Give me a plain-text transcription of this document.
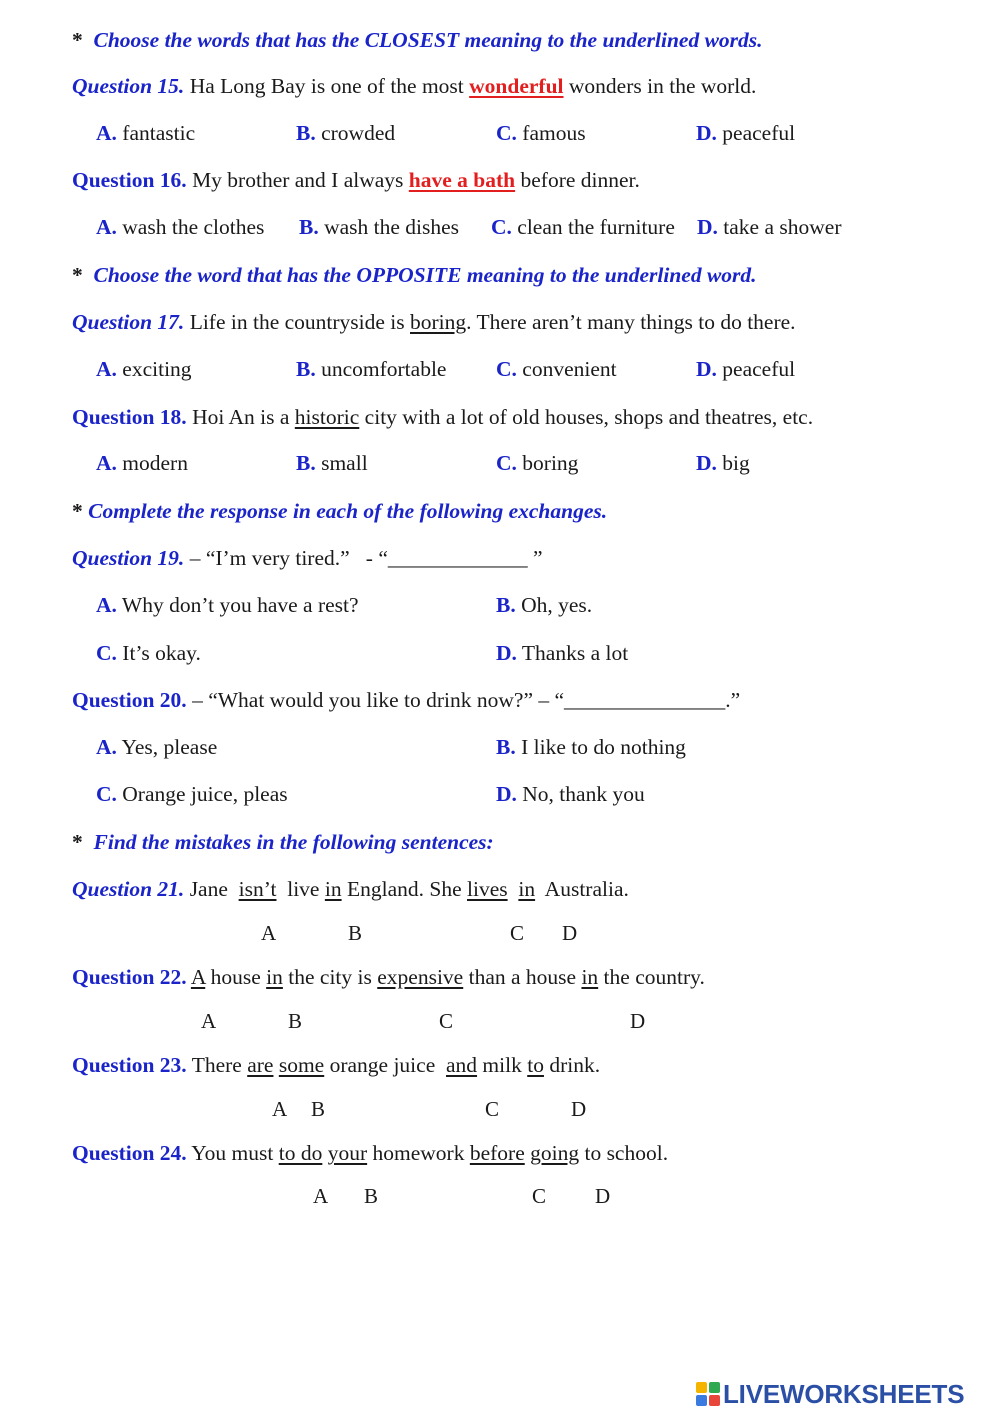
* Choose the words that has the CLOSEST meaning to the underlined words.
Question 15. Ha Long Bay is one of the most wonderful wonders in the world.
A. fantastic	B. crowded	C. famous	D. peaceful
Question 16. My brother and I always have a bath before dinner.
A. wash the clothes B. wash the dishes C. clean the furniture D. take a shower
* Choose the word that has the OPPOSITE meaning to the underlined word.
Question 17. Life in the countryside is boring. There aren’t many things to do there.
A. exciting	B. uncomfortable C. convenient	D. peaceful
Question 18. Hoi An is a historic city with a lot of old houses, shops and theatres, etc.
A. modern	B. small	C. boring	D. big
* Complete the response in each of the following exchanges.
Question 19. – “I’m very tired.”   - “_____________ ”
A. Why don’t you have a rest?	B. Oh, yes.
C. It’s okay.	D. Thanks a lot
Question 20. – “What would you like to drink now?” – “_______________.”
A. Yes, please	B. I like to do nothing
C. Orange juice, pleas	D. No, thank you
* Find the mistakes in the following sentences:
Question 21. Jane isn’t live in England. She lives in Australia.
A	B	C D
Question 22. A house in the city is expensive than a house in the country.
A	B	C	D
Question 23. There are some orange juice and milk to drink.
A B	C	D
Question 24. You must to do your homework before going to school.
A B	C D
LIVEWORKSHEETS
